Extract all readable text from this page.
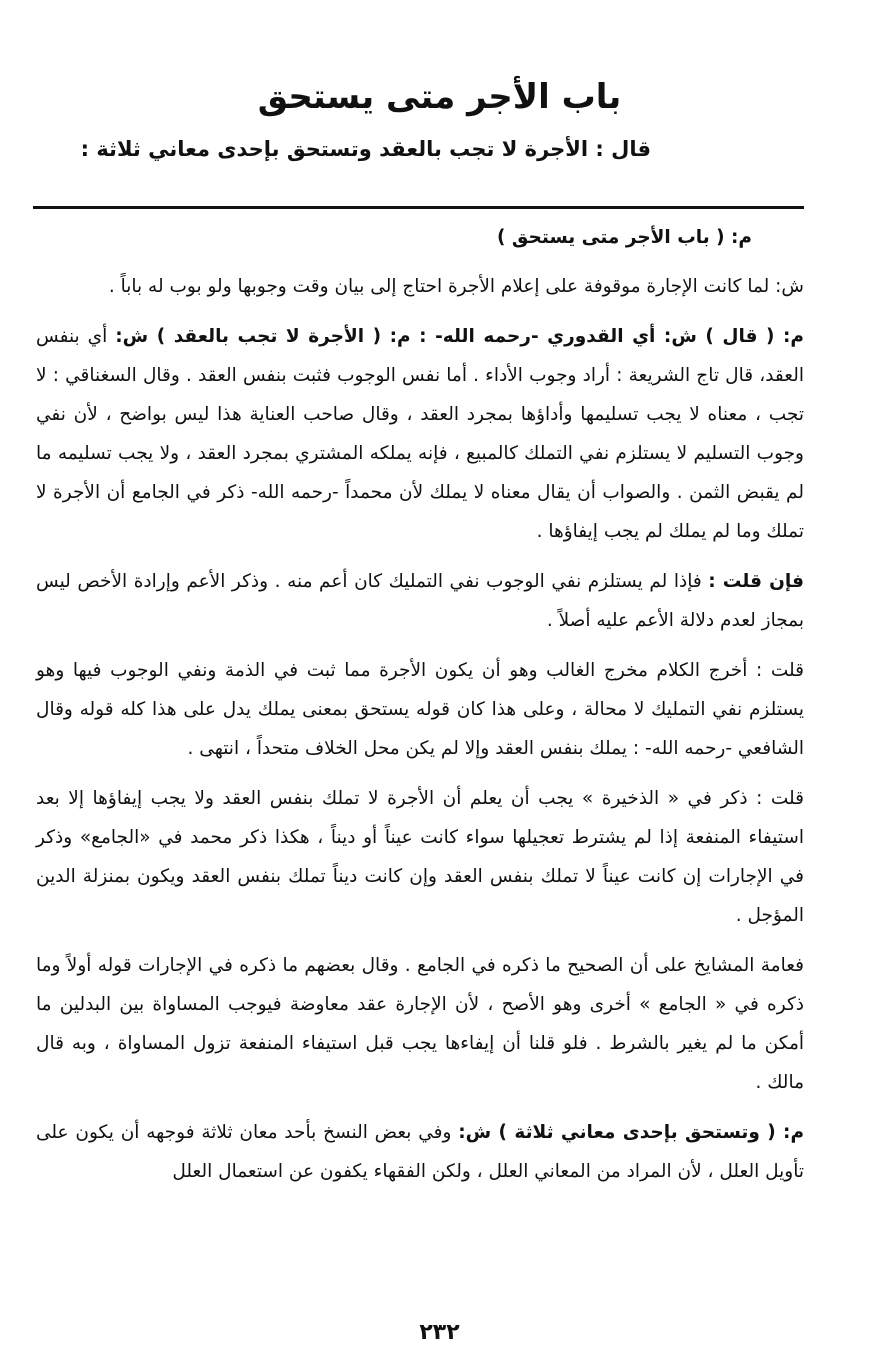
باب الأجر متى يستحق

قال : الأجرة لا تجب بالعقد وتستحق بإحدى معاني ثلاثة :

م: ( باب الأجر متى يستحق )

ش: لما كانت الإجارة موقوفة على إعلام الأجرة احتاج إلى بيان وقت وجوبها ولو بوب له باباً .

م: ( قال ) ش: أي القدوري -رحمه الله- : م: ( الأجرة لا تجب بالعقد ) ش: أي بنفس العقد، قال تاج الشريعة : أراد وجوب الأداء . أما نفس الوجوب فثبت بنفس العقد . وقال السغناقي : لا تجب ، معناه لا يجب تسليمها وأداؤها بمجرد العقد ، وقال صاحب العناية هذا ليس بواضح ، لأن نفي وجوب التسليم لا يستلزم نفي التملك كالمبيع ، فإنه يملكه المشتري بمجرد العقد ، ولا يجب تسليمه ما لم يقبض الثمن . والصواب أن يقال معناه لا يملك لأن محمداً -رحمه الله- ذكر في الجامع أن الأجرة لا تملك وما لم يملك لم يجب إيفاؤها .

فإن قلت : فإذا لم يستلزم نفي الوجوب نفي التمليك كان أعم منه . وذكر الأعم وإرادة الأخص ليس بمجاز لعدم دلالة الأعم عليه أصلاً .

قلت : أخرج الكلام مخرج الغالب وهو أن يكون الأجرة مما ثبت في الذمة ونفي الوجوب فيها وهو يستلزم نفي التمليك لا محالة ، وعلى هذا كان قوله يستحق بمعنى يملك يدل على هذا كله قوله وقال الشافعي -رحمه الله- : يملك بنفس العقد وإلا لم يكن محل الخلاف متحداً ، انتهى .

قلت : ذكر في « الذخيرة » يجب أن يعلم أن الأجرة لا تملك بنفس العقد ولا يجب إيفاؤها إلا بعد استيفاء المنفعة إذا لم يشترط تعجيلها سواء كانت عيناً أو ديناً ، هكذا ذكر محمد في «الجامع» وذكر في الإجارات إن كانت عيناً لا تملك بنفس العقد وإن كانت ديناً تملك بنفس العقد ويكون بمنزلة الدين المؤجل .

فعامة المشايخ على أن الصحيح ما ذكره في الجامع . وقال بعضهم ما ذكره في الإجارات قوله أولاً وما ذكره في « الجامع » أخرى وهو الأصح ، لأن الإجارة عقد معاوضة فيوجب المساواة بين البدلين ما أمكن ما لم يغير بالشرط . فلو قلنا أن إيفاءها يجب قبل استيفاء المنفعة تزول المساواة ، وبه قال مالك .

م: ( وتستحق بإحدى معاني ثلاثة ) ش: وفي بعض النسخ بأحد معان ثلاثة فوجهه أن يكون على تأويل العلل ، لأن المراد من المعاني العلل ، ولكن الفقهاء يكفون عن استعمال العلل

٢٣٢
